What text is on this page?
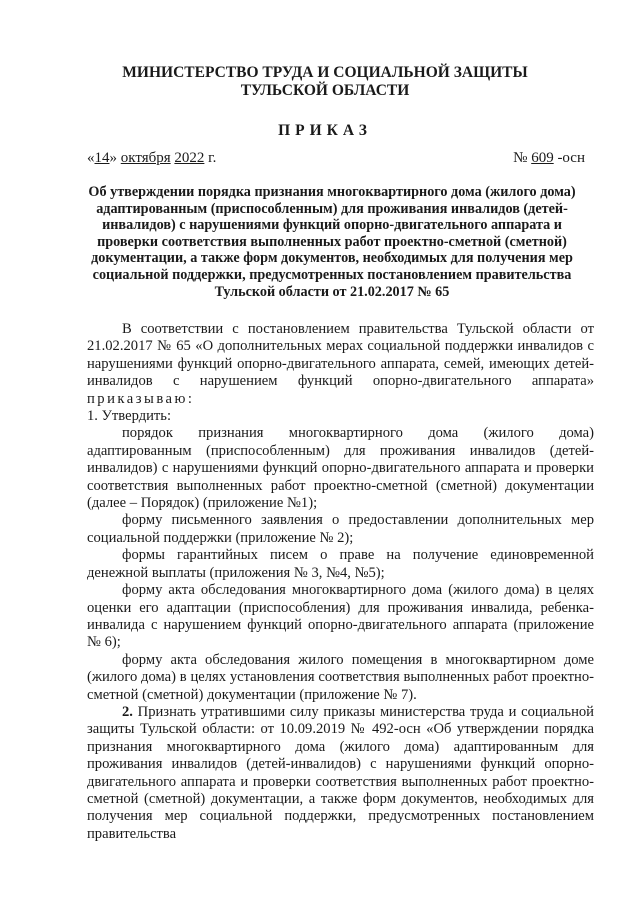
МИНИСТЕРСТВО ТРУДА И СОЦИАЛЬНОЙ ЗАЩИТЫ
ТУЛЬСКОЙ ОБЛАСТИ
ПРИКАЗ
«14» октября 2022 г.	№ 609 -осн
Об утверждении порядка признания многоквартирного дома (жилого дома) адаптированным (приспособленным) для проживания инвалидов (детей-инвалидов) с нарушениями функций опорно-двигательного аппарата и проверки соответствия выполненных работ проектно-сметной (сметной) документации, а также форм документов, необходимых для получения мер социальной поддержки, предусмотренных постановлением правительства Тульской области от 21.02.2017 № 65

В соответствии с постановлением правительства Тульской области от 21.02.2017 № 65 «О дополнительных мерах социальной поддержки инвалидов с нарушениями функций опорно-двигательного аппарата, семей, имеющих детей-инвалидов с нарушением функций опорно-двигательного аппарата» приказываю:

1. Утвердить:

порядок признания многоквартирного дома (жилого дома) адаптированным (приспособленным) для проживания инвалидов (детей-инвалидов) с нарушениями функций опорно-двигательного аппарата и проверки соответствия выполненных работ проектно-сметной (сметной) документации (далее – Порядок) (приложение №1);

форму письменного заявления о предоставлении дополнительных мер социальной поддержки (приложение № 2);

формы гарантийных писем о праве на получение единовременной денежной выплаты (приложения № 3, №4, №5);

форму акта обследования многоквартирного дома (жилого дома) в целях оценки его адаптации (приспособления) для проживания инвалида, ребенка-инвалида с нарушением функций опорно-двигательного аппарата (приложение № 6);

форму акта обследования жилого помещения в многоквартирном доме (жилого дома) в целях установления соответствия выполненных работ проектно-сметной (сметной) документации (приложение № 7).

2. Признать утратившими силу приказы министерства труда и социальной защиты Тульской области: от 10.09.2019 № 492-осн «Об утверждении порядка признания многоквартирного дома (жилого дома) адаптированным для проживания инвалидов (детей-инвалидов) с нарушениями функций опорно-двигательного аппарата и проверки соответствия выполненных работ проектно-сметной (сметной) документации, а также форм документов, необходимых для получения мер социальной поддержки, предусмотренных постановлением правительства
